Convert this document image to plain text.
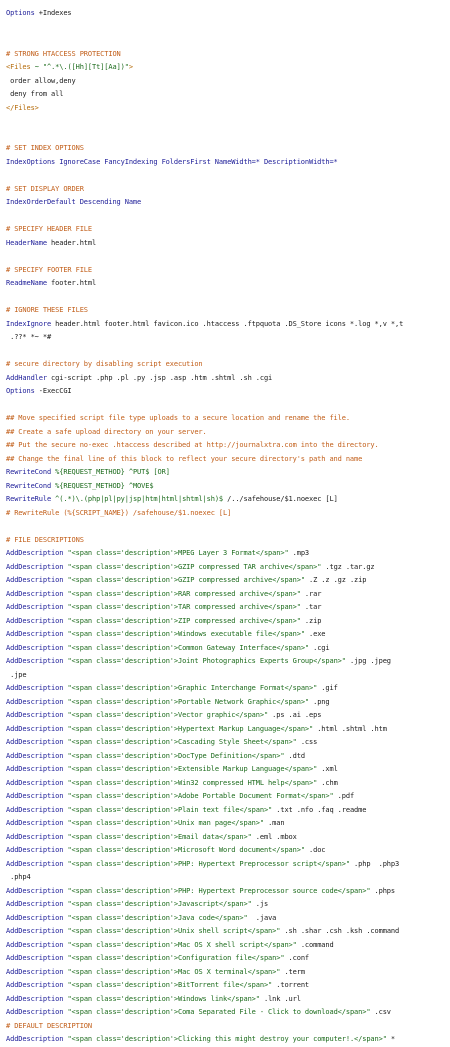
Options +Indexes

# STRONG HTACCESS PROTECTION
<Files ~ "^.*\.([Hh][Tt][Aa])">
order allow,deny
deny from all
</Files>

# SET INDEX OPTIONS
IndexOptions IgnoreCase FancyIndexing FoldersFirst NameWidth=* DescriptionWidth=*

# SET DISPLAY ORDER
IndexOrderDefault Descending Name

# SPECIFY HEADER FILE
HeaderName header.html

# SPECIFY FOOTER FILE
ReadmeName footer.html

# IGNORE THESE FILES
IndexIgnore header.html footer.html favicon.ico .htaccess .ftpquota .DS_Store icons *.log *,v *,t
.??* *~ *#

# secure directory by disabling script execution
AddHandler cgi-script .php .pl .py .jsp .asp .htm .shtml .sh .cgi
Options -ExecCGI

## Move specified script file type uploads to a secure location and rename the file.
## Create a safe upload directory on your server.
## Put the secure no-exec .htaccess described at http://journalxtra.com into the directory.
## Change the final line of this block to reflect your secure directory's path and name
RewriteCond %{REQUEST_METHOD} ^PUT$ [OR]
RewriteCond %{REQUEST_METHOD} ^MOVE$
RewriteRule ^(.*)\.(php|pl|py|jsp|htm|html|shtml|sh)$ /../safehouse/$1.noexec [L]
# RewriteRule (%{SCRIPT_NAME}) /safehouse/$1.noexec [L]

# FILE DESCRIPTIONS
AddDescription "<span class='description'>MPEG Layer 3 Format</span>" .mp3
AddDescription "<span class='description'>GZIP compressed TAR archive</span>" .tgz .tar.gz
AddDescription "<span class='description'>GZIP compressed archive</span>" .Z .z .gz .zip
AddDescription "<span class='description'>RAR compressed archive</span>" .rar
AddDescription "<span class='description'>TAR compressed archive</span>" .tar
AddDescription "<span class='description'>ZIP compressed archive</span>" .zip
AddDescription "<span class='description'>Windows executable file</span>" .exe
AddDescription "<span class='description'>Common Gateway Interface</span>" .cgi
AddDescription "<span class='description'>Joint Photographics Experts Group</span>" .jpg .jpeg
.jpe
AddDescription "<span class='description'>Graphic Interchange Format</span>" .gif
AddDescription "<span class='description'>Portable Network Graphic</span>" .png
AddDescription "<span class='description'>Vector graphic</span>" .ps .ai .eps
AddDescription "<span class='description'>Hypertext Markup Language</span>" .html .shtml .htm
AddDescription "<span class='description'>Cascading Style Sheet</span>" .css
AddDescription "<span class='description'>DocType Definition</span>" .dtd
AddDescription "<span class='description'>Extensible Markup Language</span>" .xml
AddDescription "<span class='description'>Win32 compressed HTML help</span>" .chm
AddDescription "<span class='description'>Adobe Portable Document Format</span>" .pdf
AddDescription "<span class='description'>Plain text file</span>" .txt .nfo .faq .readme
AddDescription "<span class='description'>Unix man page</span>" .man
AddDescription "<span class='description'>Email data</span>" .eml .mbox
AddDescription "<span class='description'>Microsoft Word document</span>" .doc
AddDescription "<span class='description'>PHP: Hypertext Preprocessor script</span>" .php  .php3
.php4
AddDescription "<span class='description'>PHP: Hypertext Preprocessor source code</span>" .phps
AddDescription "<span class='description'>Javascript</span>" .js
AddDescription "<span class='description'>Java code</span>"  .java
AddDescription "<span class='description'>Unix shell script</span>" .sh .shar .csh .ksh .command
AddDescription "<span class='description'>Mac OS X shell script</span>" .command
AddDescription "<span class='description'>Configuration file</span>" .conf
AddDescription "<span class='description'>Mac OS X terminal</span>" .term
AddDescription "<span class='description'>BitTorrent file</span>" .torrent
AddDescription "<span class='description'>Windows link</span>" .lnk .url
AddDescription "<span class='description'>Coma Separated File - Click to download</span>" .csv
# DEFAULT DESCRIPTION
AddDescription "<span class='description'>Clicking this might destroy your computer!.</span>" *
